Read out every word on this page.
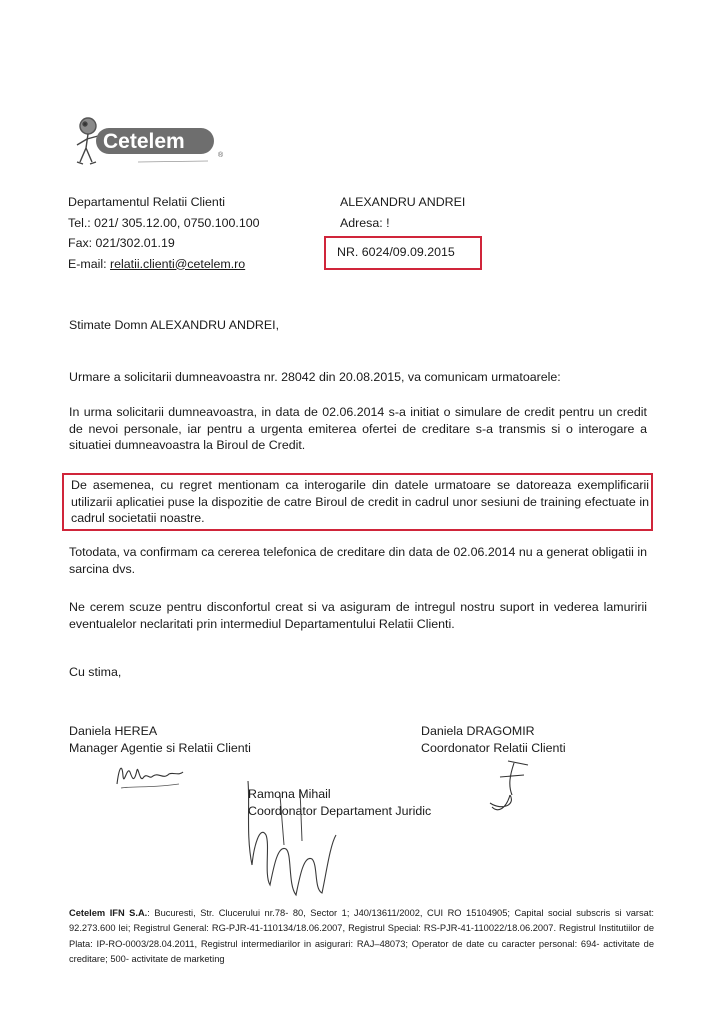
Cetelem
®
Departamentul Relatii Clienti
Tel.: 021/ 305.12.00, 0750.100.100
Fax: 021/302.01.19
E-mail: relatii.clienti@cetelem.ro
ALEXANDRU ANDREI
Adresa: !
NR. 6024/09.09.2015
Stimate Domn ALEXANDRU ANDREI,
Urmare a solicitarii dumneavoastra nr. 28042 din 20.08.2015, va comunicam urmatoarele:
In urma solicitarii dumneavoastra, in data de 02.06.2014 s-a initiat o simulare de credit pentru un credit de nevoi personale, iar pentru a urgenta emiterea ofertei de creditare s-a transmis si o interogare a situatiei dumneavoastra la Biroul de Credit.
De asemenea, cu regret mentionam ca interogarile din datele urmatoare se datoreaza exemplificarii utilizarii aplicatiei puse la dispozitie de catre Biroul de credit in cadrul unor sesiuni de training efectuate in cadrul societatii noastre.
Totodata, va confirmam ca cererea telefonica de creditare din data de 02.06.2014 nu a generat obligatii in sarcina dvs.
Ne cerem scuze pentru disconfortul creat si va asiguram de intregul nostru suport in vederea lamuririi eventualelor neclaritati prin intermediul Departamentului Relatii Clienti.
Cu stima,
Daniela HEREA
Manager Agentie si Relatii Clienti
Daniela DRAGOMIR
Coordonator Relatii Clienti
Ramona Mihail
Coordonator Departament Juridic
Cetelem IFN S.A.: Bucuresti, Str. Clucerului nr.78- 80, Sector 1; J40/13611/2002, CUI RO 15104905; Capital social subscris si varsat: 92.273.600 lei; Registrul General: RG-PJR-41-110134/18.06.2007, Registrul Special: RS-PJR-41-110022/18.06.2007. Registrul Institutiilor de Plata: IP-RO-0003/28.04.2011, Registrul intermediarilor in asigurari: RAJ–48073; Operator de date cu caracter personal: 694- activitate de creditare; 500- activitate de marketing
